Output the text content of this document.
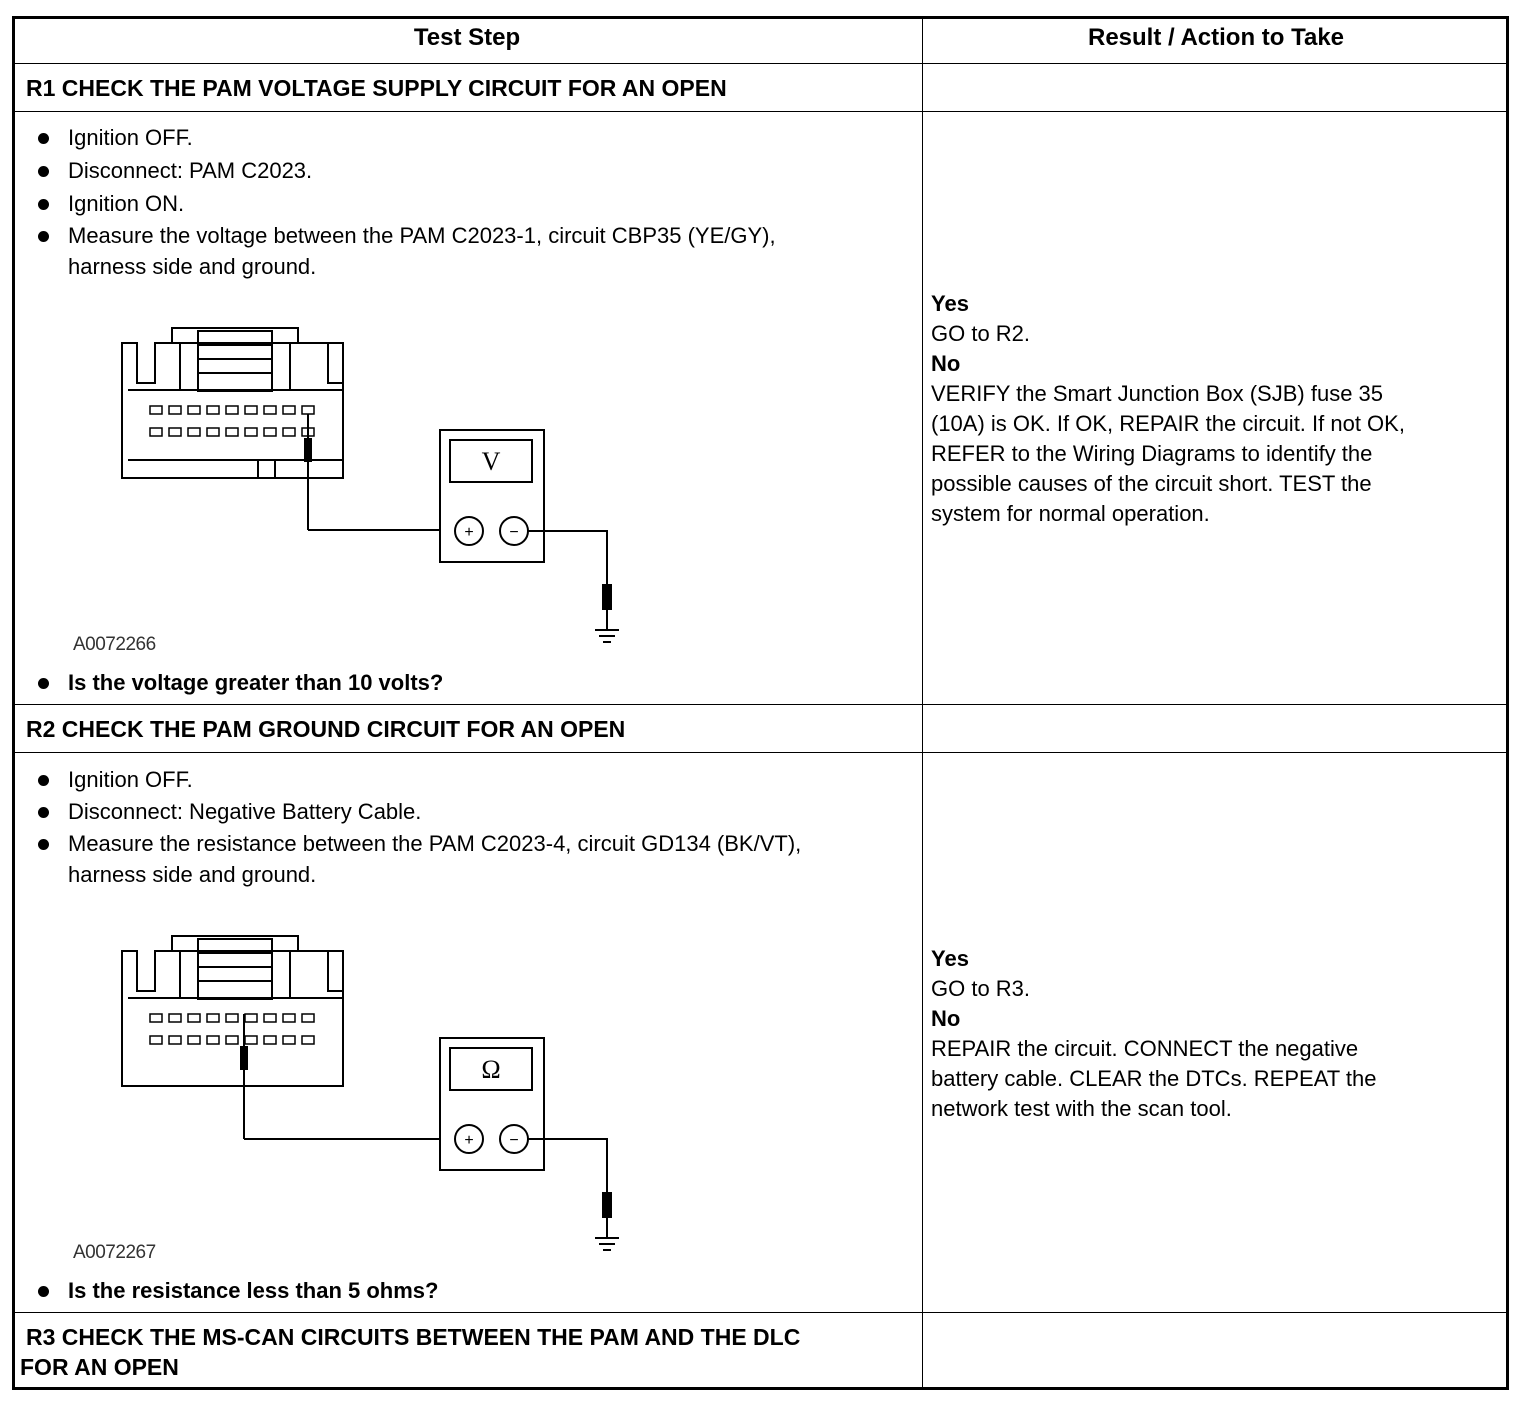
Test Step	Result / Action to Take
R1 CHECK THE PAM VOLTAGE SUPPLY CIRCUIT FOR AN OPEN
Ignition OFF.
Disconnect: PAM C2023.
Ignition ON.
Measure the voltage between the PAM C2023-1, circuit CBP35 (YE/GY),
harness side and ground.
V
+ −
A0072266
Is the voltage greater than 10 volts?
Yes
GO to R2.
No
VERIFY the Smart Junction Box (SJB) fuse 35
(10A) is OK. If OK, REPAIR the circuit. If not OK,
REFER to the Wiring Diagrams to identify the
possible causes of the circuit short. TEST the
system for normal operation.
R2 CHECK THE PAM GROUND CIRCUIT FOR AN OPEN
Ignition OFF.
Disconnect: Negative Battery Cable.
Measure the resistance between the PAM C2023-4, circuit GD134 (BK/VT),
harness side and ground.
Ω
+ −
A0072267
Is the resistance less than 5 ohms?
Yes
GO to R3.
No
REPAIR the circuit. CONNECT the negative
battery cable. CLEAR the DTCs. REPEAT the
network test with the scan tool.
R3 CHECK THE MS-CAN CIRCUITS BETWEEN THE PAM AND THE DLC
FOR AN OPEN
